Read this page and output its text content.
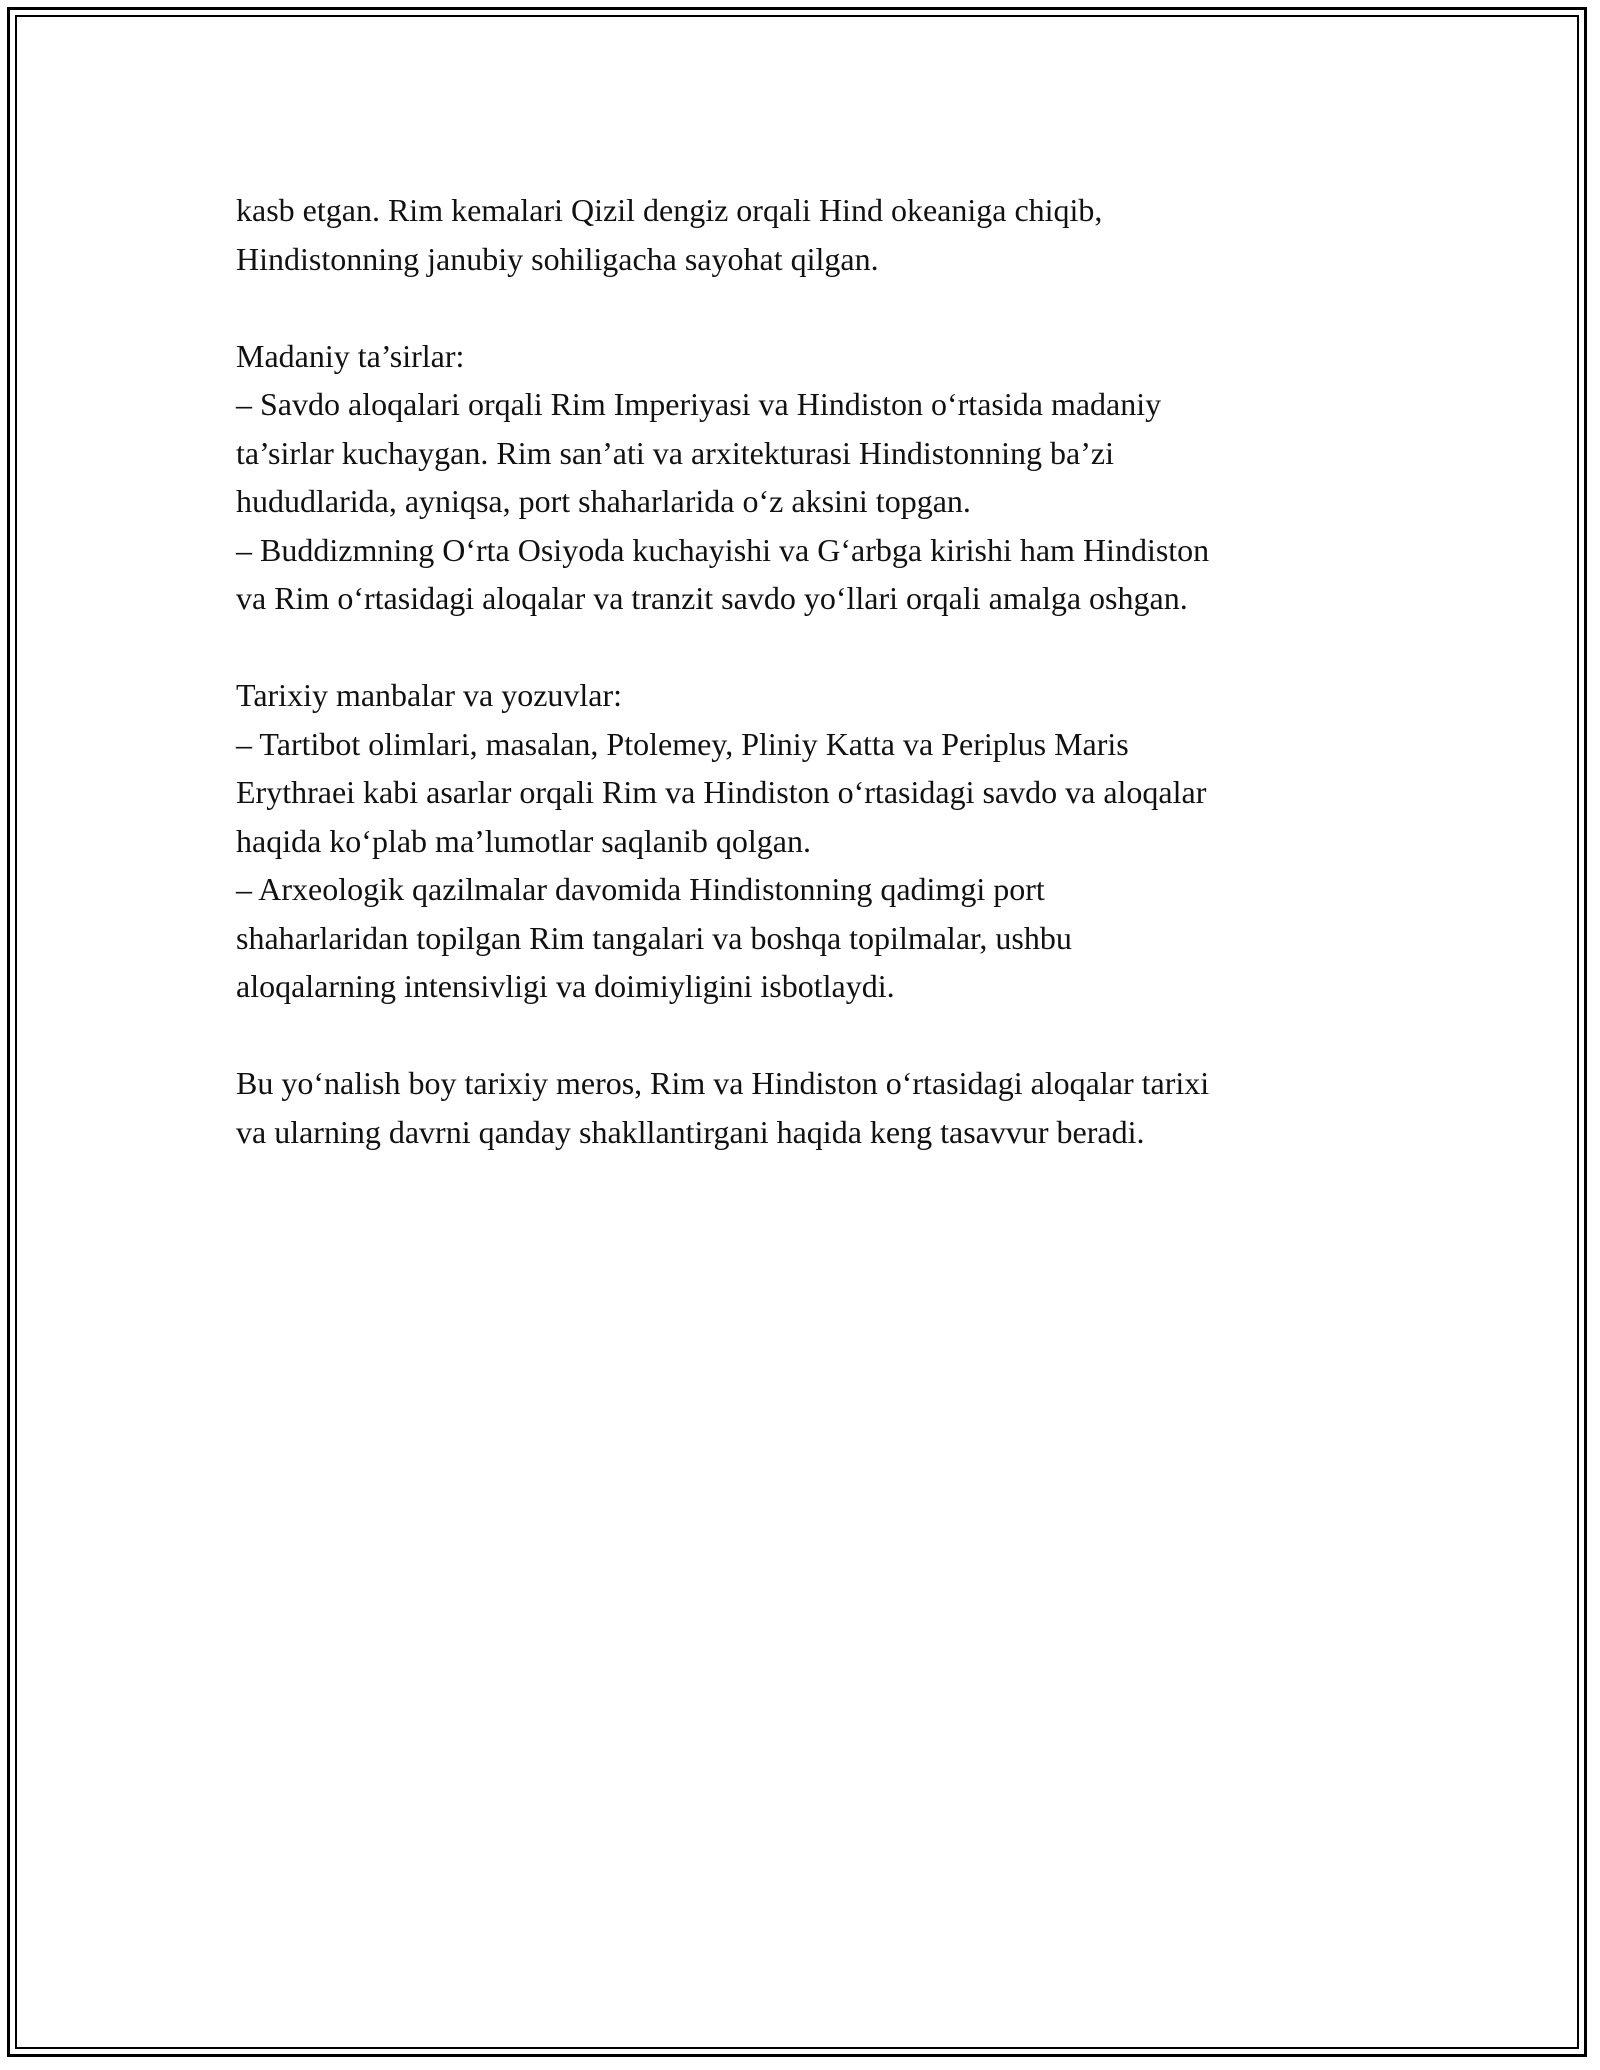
kasb etgan. Rim kemalari Qizil dengiz orqali Hind okeaniga chiqib,
Hindistonning janubiy sohiligacha sayohat qilgan.

Madaniy ta’sirlar:
– Savdo aloqalari orqali Rim Imperiyasi va Hindiston o‘rtasida madaniy
ta’sirlar kuchaygan. Rim san’ati va arxitekturasi Hindistonning ba’zi
hududlarida, ayniqsa, port shaharlarida o‘z aksini topgan.
– Buddizmning O‘rta Osiyoda kuchayishi va G‘arbga kirishi ham Hindiston
va Rim o‘rtasidagi aloqalar va tranzit savdo yo‘llari orqali amalga oshgan.

Tarixiy manbalar va yozuvlar:
– Tartibot olimlari, masalan, Ptolemey, Pliniy Katta va Periplus Maris
Erythraei kabi asarlar orqali Rim va Hindiston o‘rtasidagi savdo va aloqalar
haqida ko‘plab ma’lumotlar saqlanib qolgan.
– Arxeologik qazilmalar davomida Hindistonning qadimgi port
shaharlaridan topilgan Rim tangalari va boshqa topilmalar, ushbu
aloqalarning intensivligi va doimiyligini isbotlaydi.

Bu yo‘nalish boy tarixiy meros, Rim va Hindiston o‘rtasidagi aloqalar tarixi
va ularning davrni qanday shakllantirgani haqida keng tasavvur beradi.
